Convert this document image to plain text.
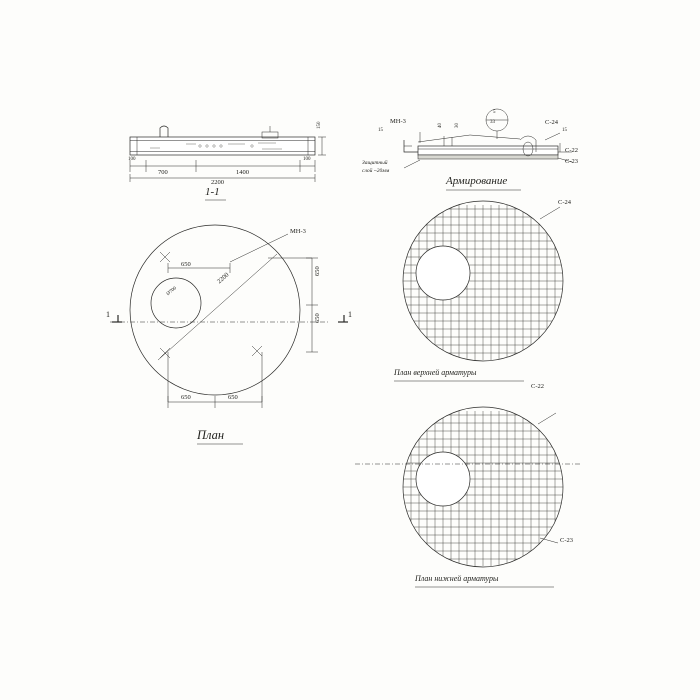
100
700	1400
2200
100
150
1-1
МН-3
650
2200
Ø700
650
650
650	650
1	1
План
МН-3
15
40 30
15
5
33	С-24
С-22
С-23
Защитный
слой ~20мм
Армирование
С-24
План верхней арматуры
С-22
С-23
План нижней арматуры
